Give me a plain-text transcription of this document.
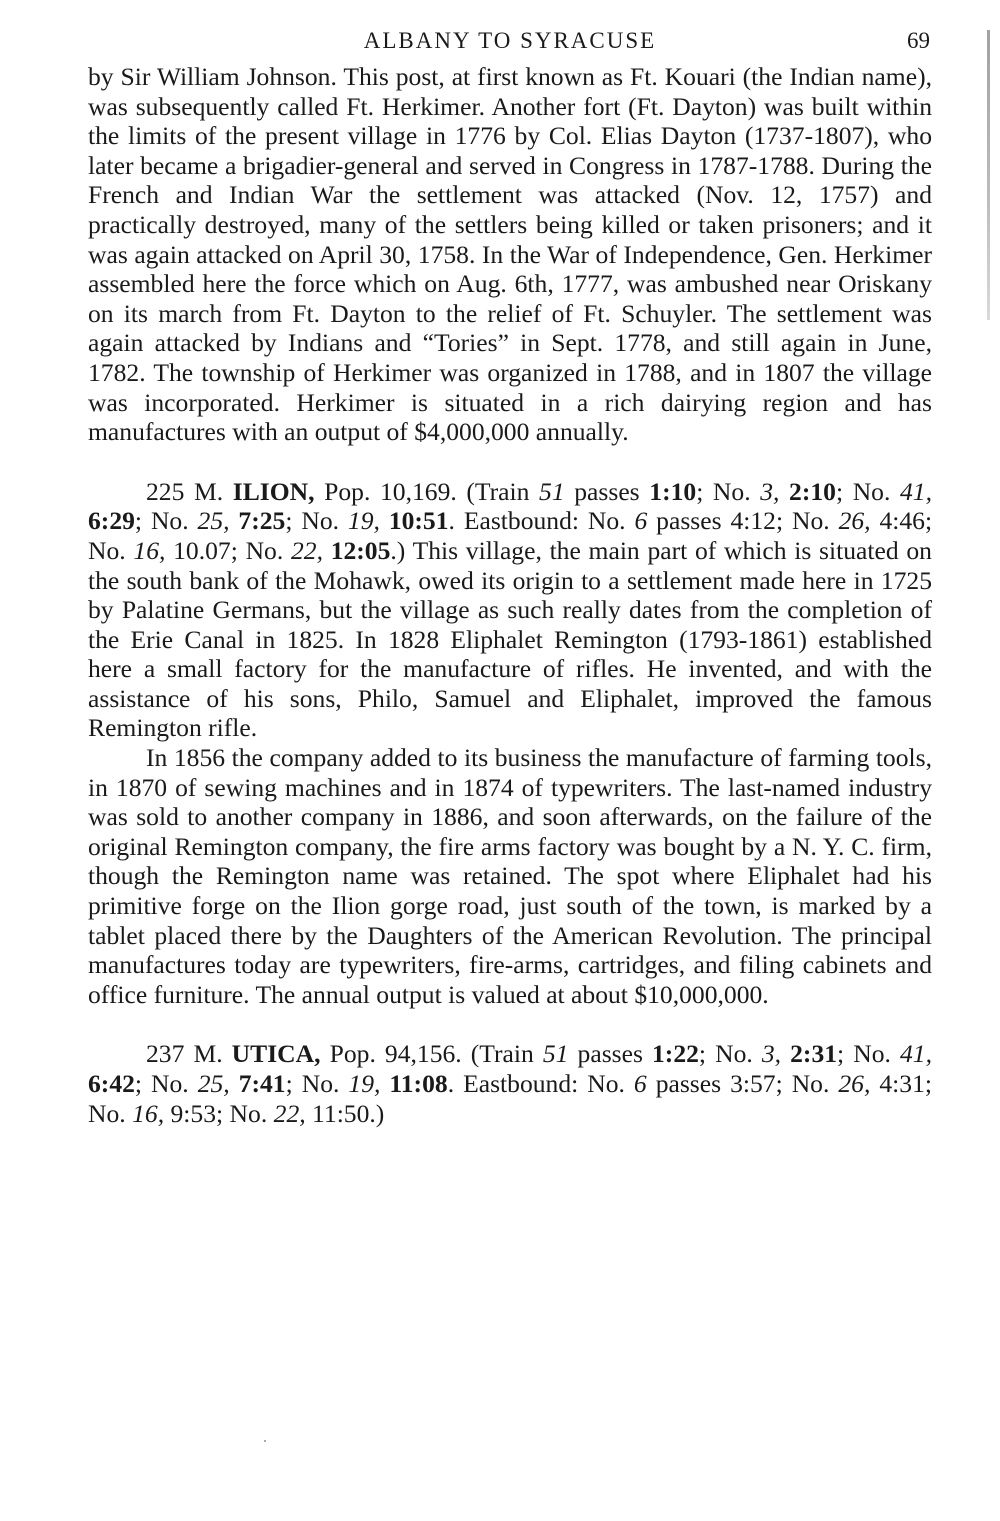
ALBANY TO SYRACUSE	69

by Sir William Johnson. This post, at first known as Ft. Kouari (the Indian name), was subsequently called Ft. Herkimer. Another fort (Ft. Dayton) was built within the limits of the present village in 1776 by Col. Elias Dayton (1737-1807), who later became a brigadier-general and served in Congress in 1787-1788. During the French and Indian War the settlement was attacked (Nov. 12, 1757) and practically destroyed, many of the settlers being killed or taken prisoners; and it was again attacked on April 30, 1758. In the War of Independence, Gen. Herkimer assembled here the force which on Aug. 6th, 1777, was ambushed near Oriskany on its march from Ft. Dayton to the relief of Ft. Schuyler. The settlement was again attacked by Indians and “Tories” in Sept. 1778, and still again in June, 1782. The township of Herkimer was organized in 1788, and in 1807 the village was incorporated. Herkimer is situated in a rich dairying region and has manufactures with an output of $4,000,000 annually.

225 M. ILION, Pop. 10,169. (Train 51 passes 1:10; No. 3, 2:10; No. 41, 6:29; No. 25, 7:25; No. 19, 10:51. Eastbound: No. 6 passes 4:12; No. 26, 4:46; No. 16, 10.07; No. 22, 12:05.) This village, the main part of which is situated on the south bank of the Mohawk, owed its origin to a settlement made here in 1725 by Palatine Germans, but the village as such really dates from the completion of the Erie Canal in 1825. In 1828 Eliphalet Remington (1793-1861) established here a small factory for the manufacture of rifles. He invented, and with the assistance of his sons, Philo, Samuel and Eliphalet, improved the famous Remington rifle.

In 1856 the company added to its business the manufacture of farming tools, in 1870 of sewing machines and in 1874 of typewriters. The last-named industry was sold to another company in 1886, and soon afterwards, on the failure of the original Remington company, the fire arms factory was bought by a N. Y. C. firm, though the Remington name was retained. The spot where Eliphalet had his primitive forge on the Ilion gorge road, just south of the town, is marked by a tablet placed there by the Daughters of the American Revolution. The principal manufactures today are typewriters, fire-arms, cartridges, and filing cabinets and office furniture. The annual output is valued at about $10,000,000.

237 M. UTICA, Pop. 94,156. (Train 51 passes 1:22; No. 3, 2:31; No. 41, 6:42; No. 25, 7:41; No. 19, 11:08. Eastbound: No. 6 passes 3:57; No. 26, 4:31; No. 16, 9:53; No. 22, 11:50.)
